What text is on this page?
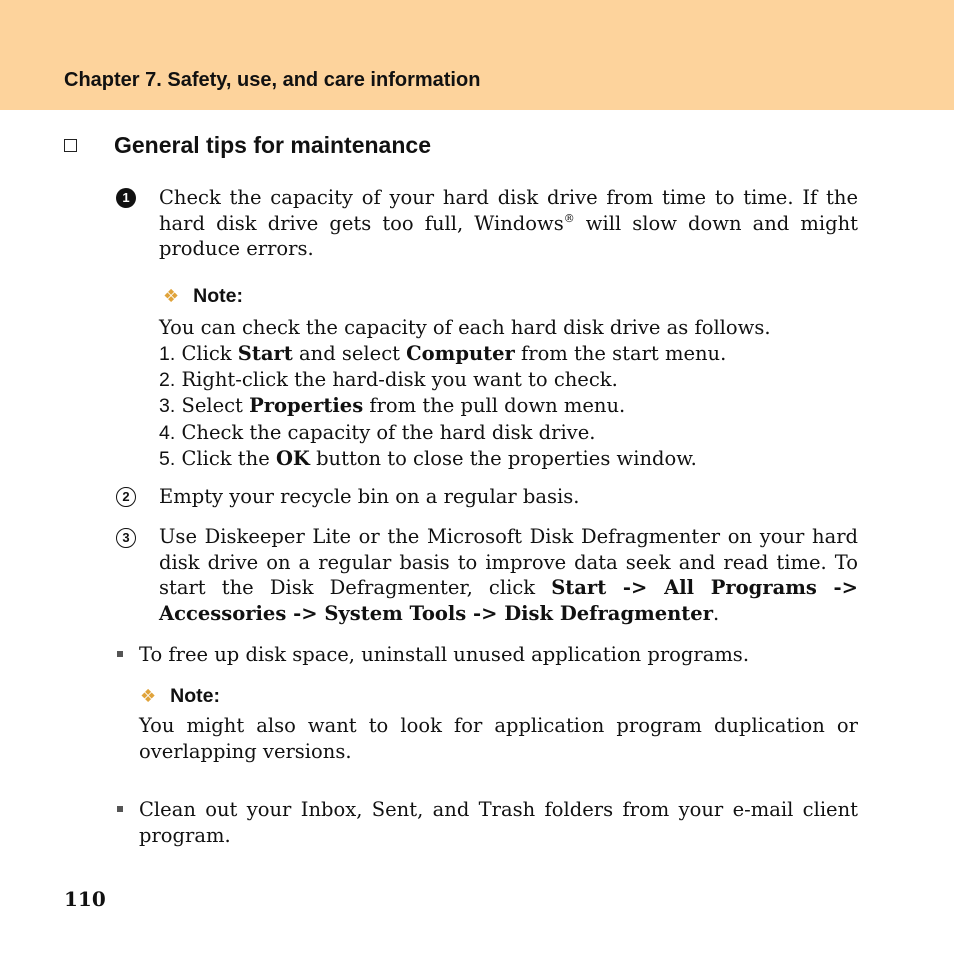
Chapter 7. Safety, use, and care information
General tips for maintenance
1	Check the capacity of your hard disk drive from time to time. If the hard disk drive gets too full, Windows® will slow down and might produce errors.

❖ Note:

You can check the capacity of each hard disk drive as follows.

1. Click Start and select Computer from the start menu.
2. Right-click the hard-disk you want to check.
3. Select Properties from the pull down menu.
4. Check the capacity of the hard disk drive.
5. Click the OK button to close the properties window.
2	Empty your recycle bin on a regular basis.

3	Use Diskeeper Lite or the Microsoft Disk Defragmenter on your hard disk drive on a regular basis to improve data seek and read time. To start the Disk Defragmenter, click Start -> All Programs -> Accessories -> System Tools -> Disk Defragmenter.

To free up disk space, uninstall unused application programs.

❖ Note:

You might also want to look for application program duplication or overlapping versions.

Clean out your Inbox, Sent, and Trash folders from your e-mail client program.

110
